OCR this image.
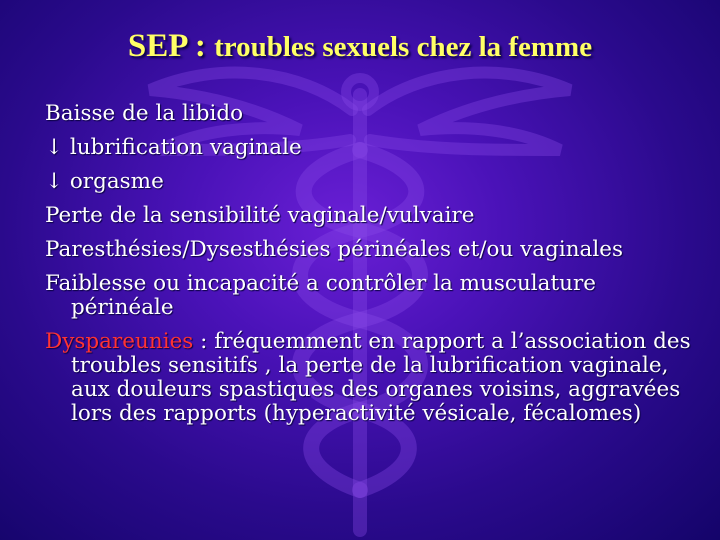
SEP : troubles sexuels chez la femme
Baisse de la libido
↓ lubrification vaginale
↓ orgasme
Perte de la sensibilité vaginale/vulvaire
Paresthésies/Dysesthésies périnéales et/ou vaginales
Faiblesse ou incapacité a contrôler la musculature périnéale
Dyspareunies : fréquemment en rapport a l’association des troubles sensitifs , la perte de la lubrification vaginale, aux douleurs spastiques des organes voisins, aggravées lors des rapports (hyperactivité vésicale, fécalomes)
